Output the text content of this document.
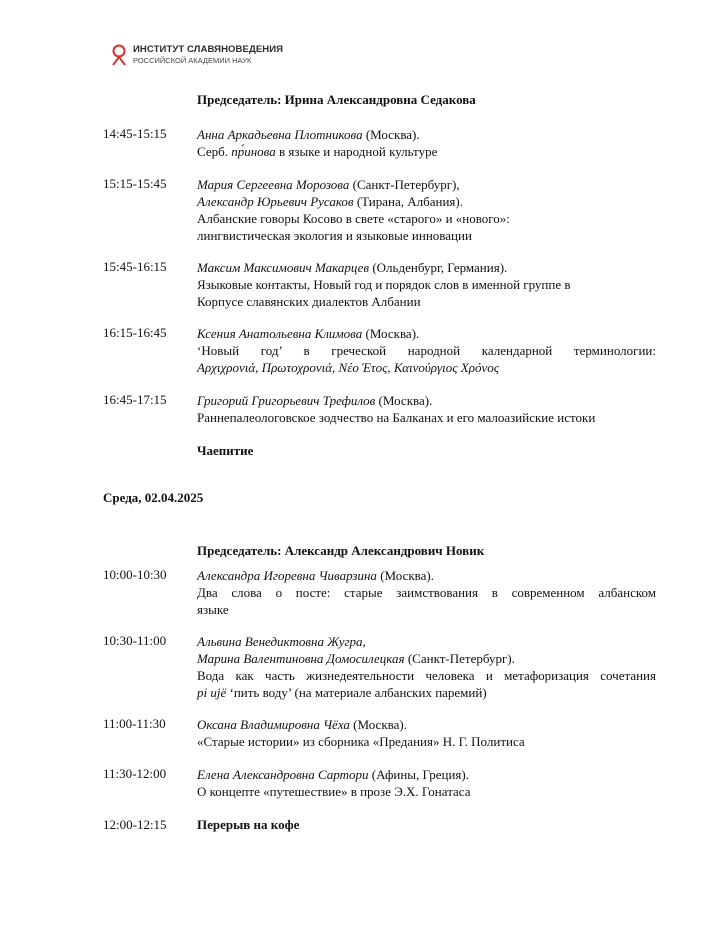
ИНСТИТУТ СЛАВЯНОВЕДЕНИЯ
РОССИЙСКОЙ АКАДЕМИИ НАУК
Председатель: Ирина Александровна Седакова
14:45-15:15 Анна Аркадьевна Плотникова (Москва).
Серб. пр́инова в языке и народной культуре
15:15-15:45 Мария Сергеевна Морозова (Санкт-Петербург),
Александр Юрьевич Русаков (Тирана, Албания).
Албанские говоры Косово в свете «старого» и «нового»:
лингвистическая экология и языковые инновации
15:45-16:15 Максим Максимович Макарцев (Ольденбург, Германия).
Языковые контакты, Новый год и порядок слов в именной группе в
Корпусе славянских диалектов Албании
16:15-16:45 Ксения Анатольевна Климова (Москва).
‘Новый год’ в греческой народной календарной терминологии:
Αρχιχρονιά, Πρωτοχρονιά, Νέο Έτος, Καινούργιος Χρόνος
16:45-17:15 Григорий Григорьевич Трефилов (Москва).
Раннепалеологовское зодчество на Балканах и его малоазийские истоки
Чаепитие
Среда, 02.04.2025
Председатель: Александр Александрович Новик
10:00-10:30 Александра Игоревна Чиварзина (Москва).
Два слова о посте: старые заимствования в современном албанском
языке
10:30-11:00 Альвина Венедиктовна Жугра,
Марина Валентиновна Домосилецкая (Санкт-Петербург).
Вода как часть жизнедеятельности человека и метафоризация сочетания
pi ujë ‘пить воду’ (на материале албанских паремий)
11:00-11:30 Оксана Владимировна Чёха (Москва).
«Старые истории» из сборника «Предания» Н. Г. Политиса
11:30-12:00 Елена Александровна Сартори (Афины, Греция).
О концепте «путешествие» в прозе Э.Х. Гонатаса
12:00-12:15 Перерыв на кофе
